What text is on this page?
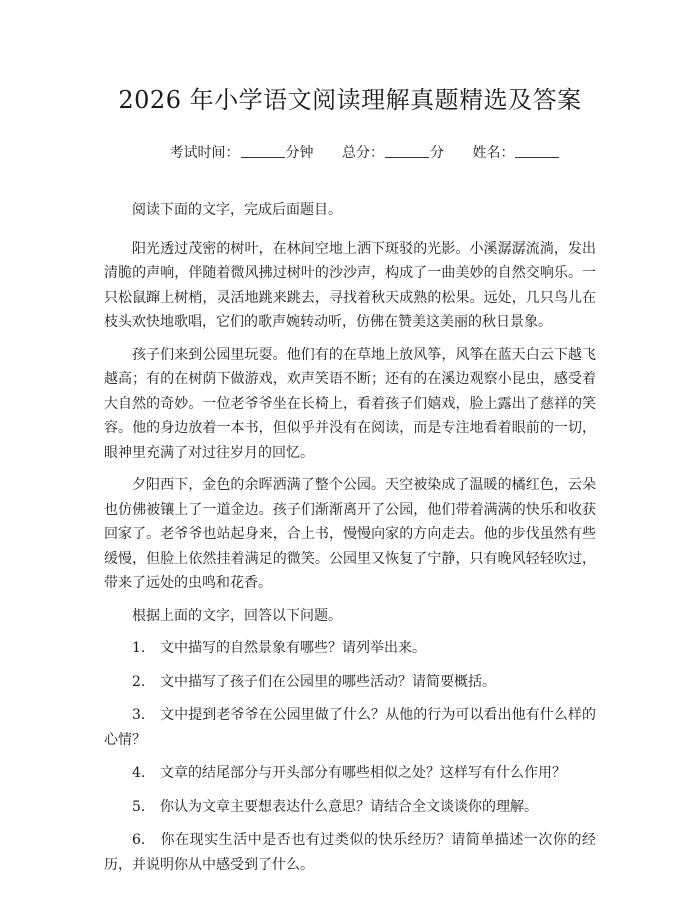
2026 年小学语文阅读理解真题精选及答案
考试时间：	分钟 总分：	分 姓名：

阅读下面的文字，完成后面题目。

阳光透过茂密的树叶，在林间空地上洒下斑驳的光影。小溪潺潺流淌，发出清脆的声响，伴随着微风拂过树叶的沙沙声，构成了一曲美妙的自然交响乐。一只松鼠蹿上树梢，灵活地跳来跳去，寻找着秋天成熟的松果。远处，几只鸟儿在枝头欢快地歌唱，它们的歌声婉转动听，仿佛在赞美这美丽的秋日景象。

孩子们来到公园里玩耍。他们有的在草地上放风筝，风筝在蓝天白云下越飞越高；有的在树荫下做游戏，欢声笑语不断；还有的在溪边观察小昆虫，感受着大自然的奇妙。一位老爷爷坐在长椅上，看着孩子们嬉戏，脸上露出了慈祥的笑容。他的身边放着一本书，但似乎并没有在阅读，而是专注地看着眼前的一切，眼神里充满了对过往岁月的回忆。

夕阳西下，金色的余晖洒满了整个公园。天空被染成了温暖的橘红色，云朵也仿佛被镶上了一道金边。孩子们渐渐离开了公园，他们带着满满的快乐和收获回家了。老爷爷也站起身来，合上书，慢慢向家的方向走去。他的步伐虽然有些缓慢，但脸上依然挂着满足的微笑。公园里又恢复了宁静，只有晚风轻轻吹过，带来了远处的虫鸣和花香。

根据上面的文字，回答以下问题。

1. 文中描写的自然景象有哪些？请列举出来。
2. 文中描写了孩子们在公园里的哪些活动？请简要概括。
3. 文中提到老爷爷在公园里做了什么？从他的行为可以看出他有什么样的心情？
4. 文章的结尾部分与开头部分有哪些相似之处？这样写有什么作用？
5. 你认为文章主要想表达什么意思？请结合全文谈谈你的理解。
6. 你在现实生活中是否也有过类似的快乐经历？请简单描述一次你的经历，并说明你从中感受到了什么。
